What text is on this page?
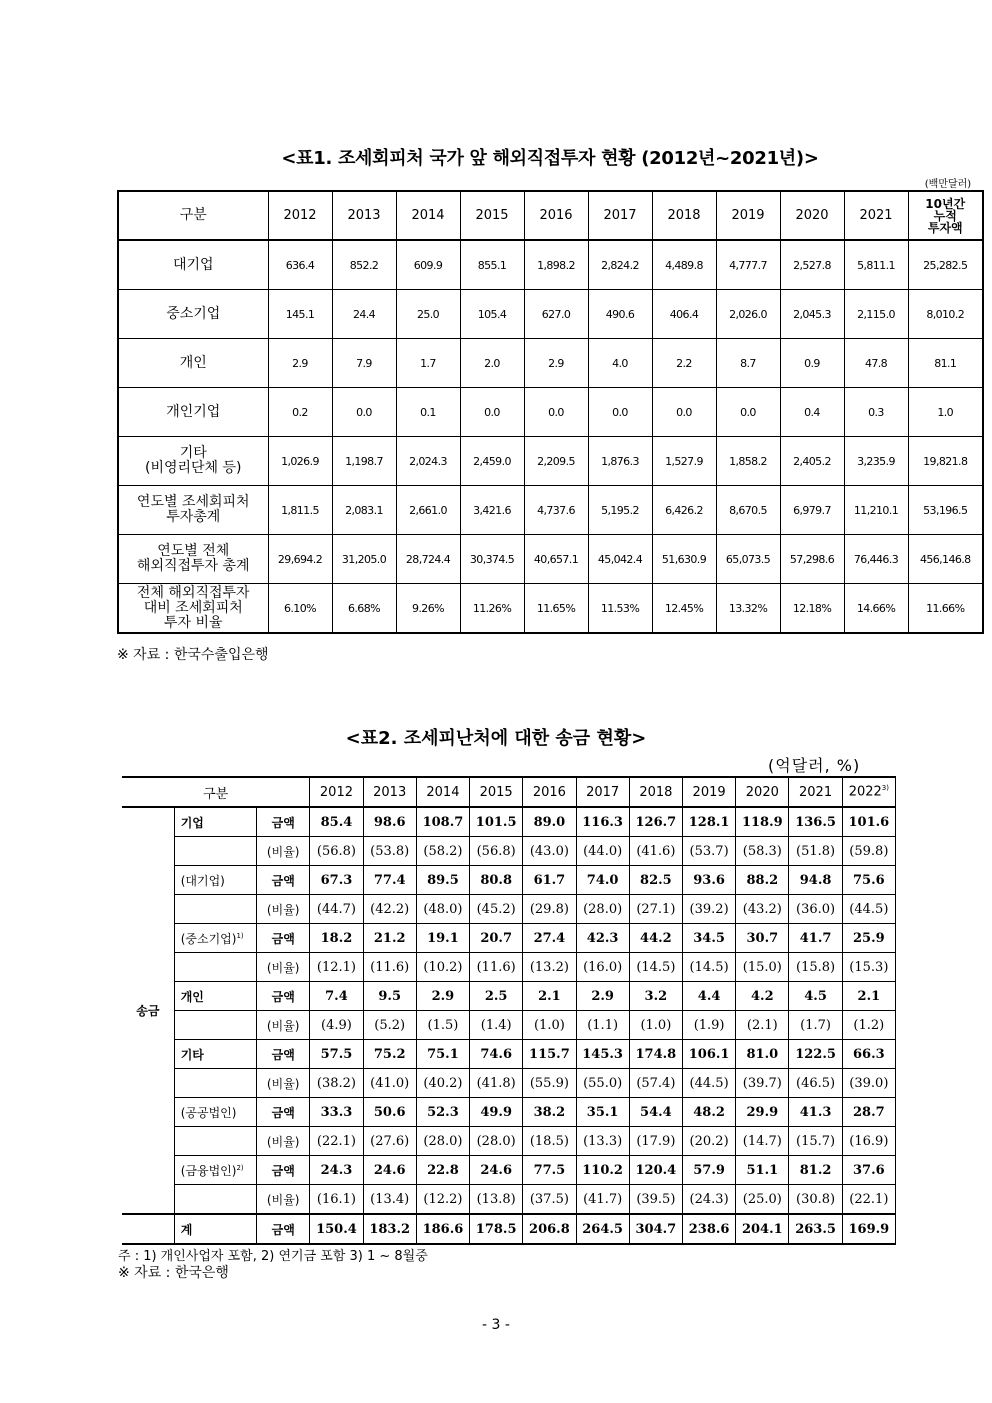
<표1. 조세회피처 국가 앞 해외직접투자 현황 (2012년~2021년)>
(백만달러)
구분	2012	2013	2014	2015	2016	2017	2018	2019	2020	2021	10년간
누적
투자액
대기업	636.4	852.2	609.9	855.1	1,898.2	2,824.2	4,489.8	4,777.7	2,527.8	5,811.1	25,282.5
중소기업	145.1	24.4	25.0	105.4	627.0	490.6	406.4	2,026.0	2,045.3	2,115.0	8,010.2
개인	2.9	7.9	1.7	2.0	2.9	4.0	2.2	8.7	0.9	47.8	81.1
개인기업	0.2	0.0	0.1	0.0	0.0	0.0	0.0	0.0	0.4	0.3	1.0
기타
(비영리단체 등)	1,026.9	1,198.7	2,024.3	2,459.0	2,209.5	1,876.3	1,527.9	1,858.2	2,405.2	3,235.9	19,821.8
연도별 조세회피처
투자총계	1,811.5	2,083.1	2,661.0	3,421.6	4,737.6	5,195.2	6,426.2	8,670.5	6,979.7	11,210.1	53,196.5
연도별 전체
해외직접투자 총계	29,694.2	31,205.0	28,724.4	30,374.5	40,657.1	45,042.4	51,630.9	65,073.5	57,298.6	76,446.3	456,146.8
전체 해외직접투자
대비 조세회피처
투자 비율	6.10%	6.68%	9.26%	11.26%	11.65%	11.53%	12.45%	13.32%	12.18%	14.66%	11.66%
※ 자료 : 한국수출입은행
<표2. 조세피난처에 대한 송금 현황>
(억달러, %)
구분			2012	2013	2014	2015	2016	2017	2018	2019	2020	2021	2022$^{3)}$
송금	기업	금액	85.4	98.6	108.7	101.5	89.0	116.3	126.7	128.1	118.9	136.5	101.6
		(비율)	(56.8)	(53.8)	(58.2)	(56.8)	(43.0)	(44.0)	(41.6)	(53.7)	(58.3)	(51.8)	(59.8)
	(대기업)	금액	67.3	77.4	89.5	80.8	61.7	74.0	82.5	93.6	88.2	94.8	75.6
		(비율)	(44.7)	(42.2)	(48.0)	(45.2)	(29.8)	(28.0)	(27.1)	(39.2)	(43.2)	(36.0)	(44.5)
	(중소기업)$^{1)}$	금액	18.2	21.2	19.1	20.7	27.4	42.3	44.2	34.5	30.7	41.7	25.9
		(비율)	(12.1)	(11.6)	(10.2)	(11.6)	(13.2)	(16.0)	(14.5)	(14.5)	(15.0)	(15.8)	(15.3)
	개인	금액	7.4	9.5	2.9	2.5	2.1	2.9	3.2	4.4	4.2	4.5	2.1
		(비율)	(4.9)	(5.2)	(1.5)	(1.4)	(1.0)	(1.1)	(1.0)	(1.9)	(2.1)	(1.7)	(1.2)
	기타	금액	57.5	75.2	75.1	74.6	115.7	145.3	174.8	106.1	81.0	122.5	66.3
		(비율)	(38.2)	(41.0)	(40.2)	(41.8)	(55.9)	(55.0)	(57.4)	(44.5)	(39.7)	(46.5)	(39.0)
	(공공법인)	금액	33.3	50.6	52.3	49.9	38.2	35.1	54.4	48.2	29.9	41.3	28.7
		(비율)	(22.1)	(27.6)	(28.0)	(28.0)	(18.5)	(13.3)	(17.9)	(20.2)	(14.7)	(15.7)	(16.9)
	(금융법인)$^{2)}$	금액	24.3	24.6	22.8	24.6	77.5	110.2	120.4	57.9	51.1	81.2	37.6
		(비율)	(16.1)	(13.4)	(12.2)	(13.8)	(37.5)	(41.7)	(39.5)	(24.3)	(25.0)	(30.8)	(22.1)
	계	금액	150.4	183.2	186.6	178.5	206.8	264.5	304.7	238.6	204.1	263.5	169.9
주 : 1) 개인사업자 포함, 2) 연기금 포함 3) 1 ~ 8월중
※ 자료 : 한국은행
- 3 -
